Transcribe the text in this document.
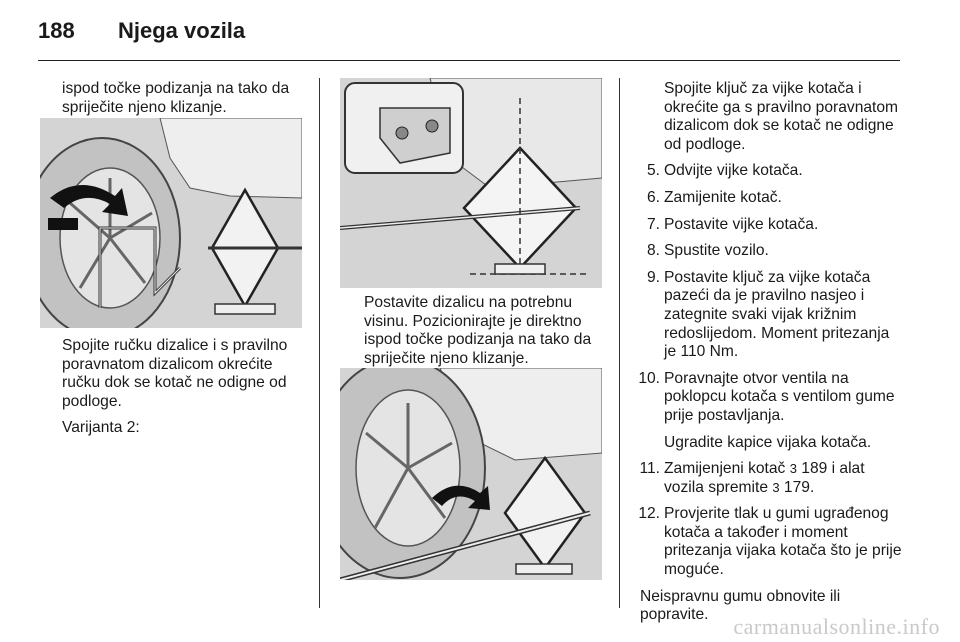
188 Njega vozila

ispod točke podizanja na tako da spriječite njeno klizanje.

Spojite ručku dizalice i s pravilno poravnatom dizalicom okrećite ručku dok se kotač ne odigne od podloge.

Varijanta 2:

Postavite dizalicu na potrebnu visinu. Pozicionirajte je direktno ispod točke podizanja na tako da spriječite njeno klizanje.

Spojite ključ za vijke kotača i okrećite ga s pravilno poravnatom dizalicom dok se kotač ne odigne od podloge.

5. Odvijte vijke kotača.
6. Zamijenite kotač.
7. Postavite vijke kotača.
8. Spustite vozilo.
9. Postavite ključ za vijke kotača pazeći da je pravilno nasjeo i zategnite svaki vijak križnim redoslijedom. Moment pritezanja je 110 Nm.
10. Poravnajte otvor ventila na poklopcu kotača s ventilom gume prije postavljanja.
Ugradite kapice vijaka kotača.
11. Zamijenjeni kotač 3 189 i alat vozila spremite 3 179.
12. Provjerite tlak u gumi ugrađenog kotača a također i moment pritezanja vijaka kotača što je prije moguće.

Neispravnu gumu obnovite ili popravite.	carmanualsonline.info
